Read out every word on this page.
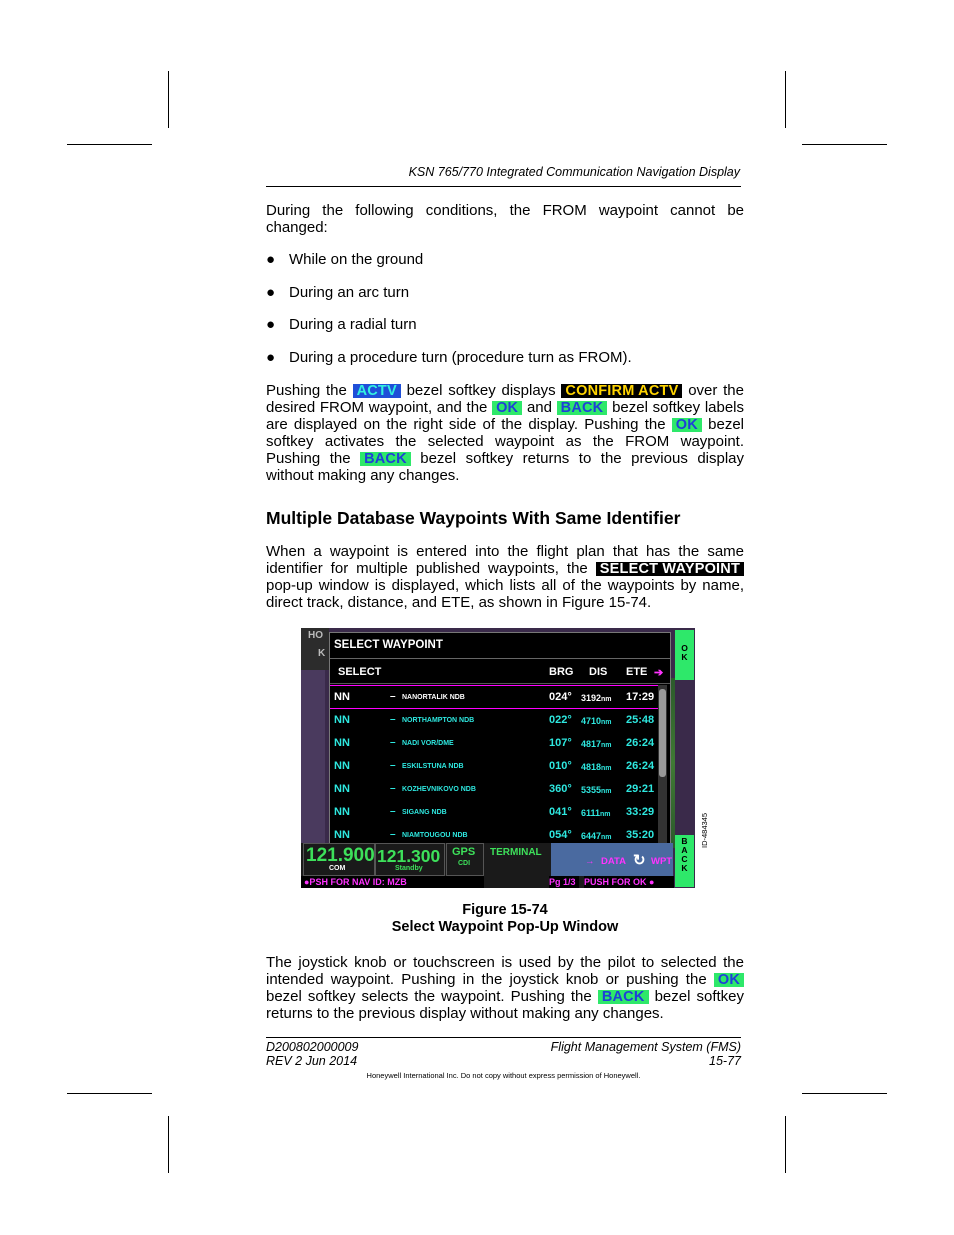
KSN 765/770 Integrated Communication Navigation Display
During the following conditions, the FROM waypoint cannot be changed:
● While on the ground
● During an arc turn
● During a radial turn
● During a procedure turn (procedure turn as FROM).
Pushing the ACTV bezel softkey displays CONFIRM ACTV over the desired FROM waypoint, and the OK and BACK bezel softkey labels are displayed on the right side of the display. Pushing the OK bezel softkey activates the selected waypoint as the FROM waypoint. Pushing the BACK bezel softkey returns to the previous display without making any changes.
Multiple Database Waypoints With Same Identifier
When a waypoint is entered into the flight plan that has the same identifier for multiple published waypoints, the SELECT WAYPOINT pop-up window is displayed, which lists all of the waypoints by name, direct track, distance, and ETE, as shown in Figure 15-74.
HO
K
SELECT WAYPOINT
SELECT	BRG DIS ETE ➔
NN	– NANORTALIK NDB	024° 3192nm 17:29
NN	– NORTHAMPTON NDB	022° 4710nm 25:48
NN	– NADI VOR/DME	107° 4817nm 26:24
NN	– ESKILSTUNA NDB	010° 4818nm 26:24
NN	– KOZHEVNIKOVO NDB	360° 5355nm 29:21
NN	– SIGANG NDB	041° 6111nm 33:29
NN	– NIAMTOUGOU NDB	054° 6447nm 35:20
OK
BACK
121.900
COM
121.300
Standby
GPS
CDI
TERMINAL
→ DATA ↻ WPT
●PSH FOR NAV ID: MZB	Pg 1/3 PUSH FOR OK ●
ID-484345
Figure 15-74
Select Waypoint Pop-Up Window
The joystick knob or touchscreen is used by the pilot to selected the intended waypoint. Pushing in the joystick knob or pushing the OK bezel softkey selects the waypoint. Pushing the BACK bezel softkey returns to the previous display without making any changes.
D200802000009
REV 2 Jun 2014
Flight Management System (FMS)
15-77
Honeywell International Inc. Do not copy without express permission of Honeywell.
